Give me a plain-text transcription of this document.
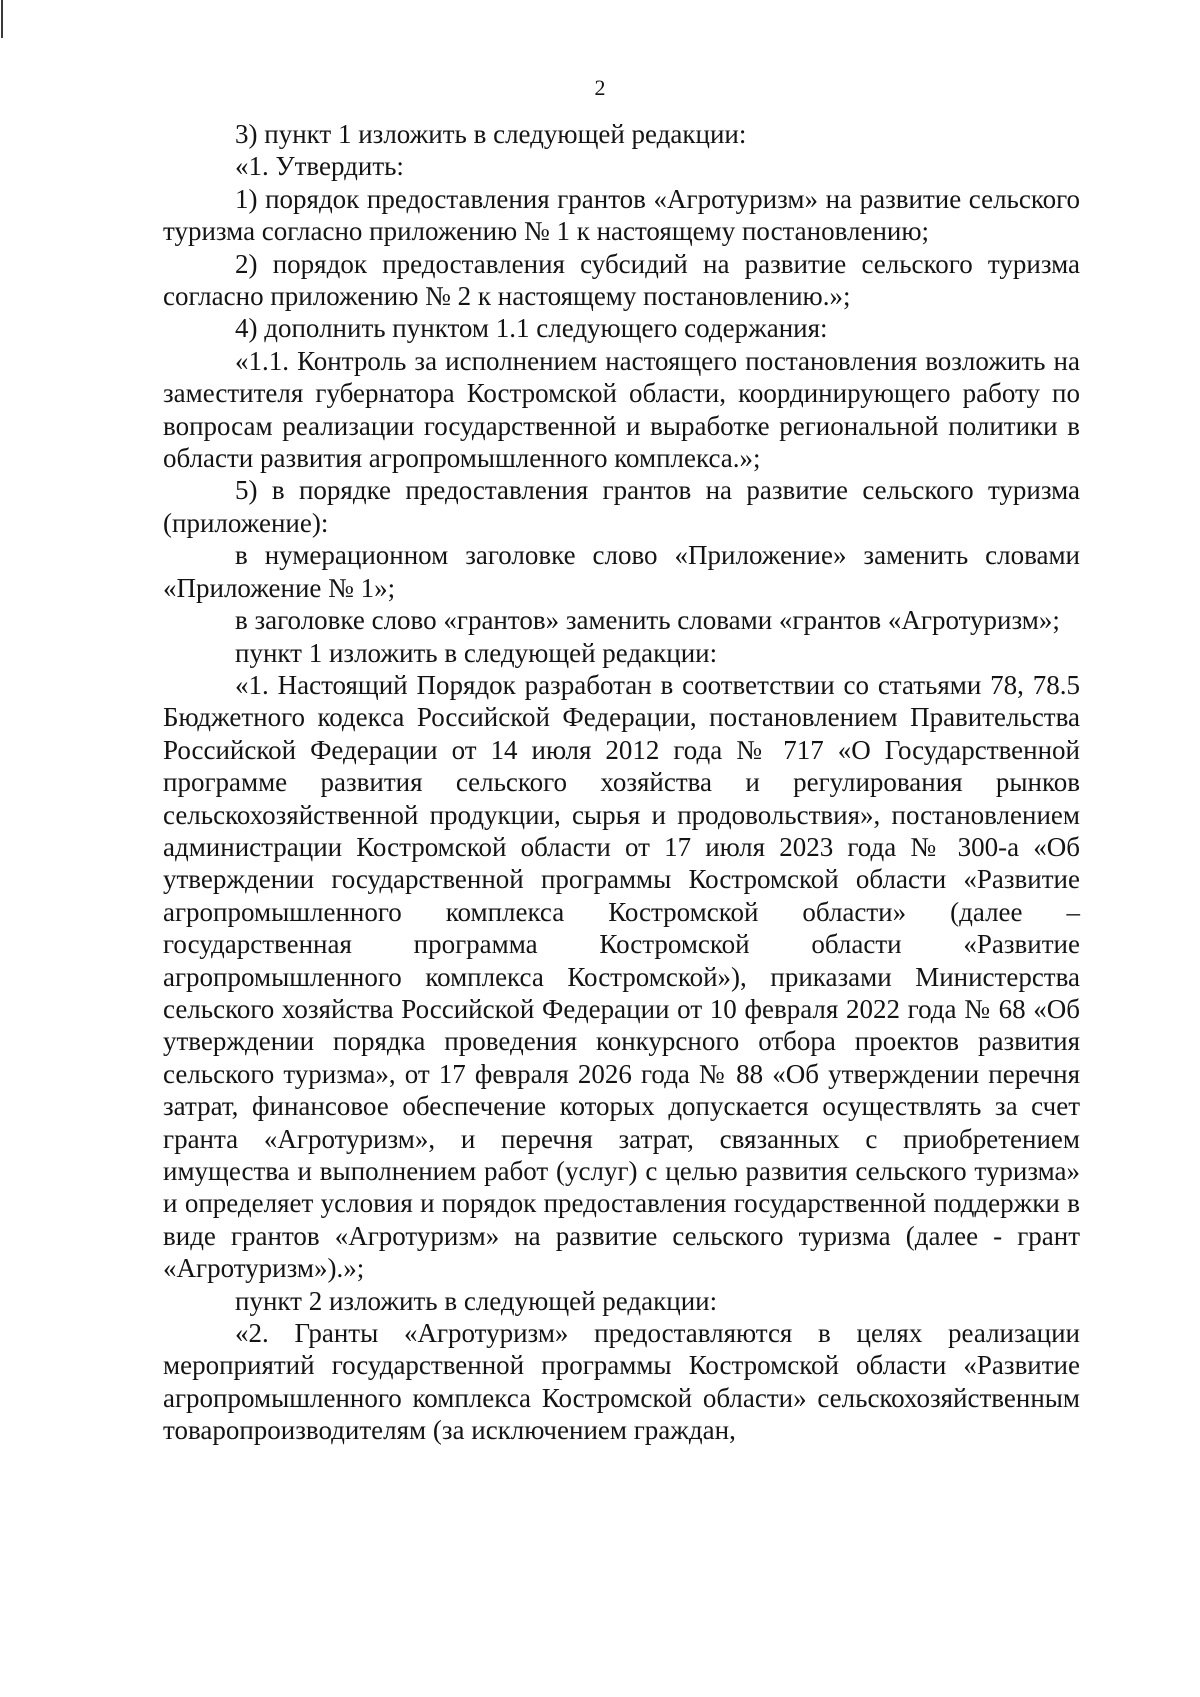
2

3) пункт 1 изложить в следующей редакции:

«1. Утвердить:

1) порядок предоставления грантов «Агротуризм» на развитие сельского туризма согласно приложению № 1 к настоящему постановлению;

2) порядок предоставления субсидий на развитие сельского туризма согласно приложению № 2 к настоящему постановлению.»;

4) дополнить пунктом 1.1 следующего содержания:

«1.1. Контроль за исполнением настоящего постановления возложить на заместителя губернатора Костромской области, координирующего работу по вопросам реализации государственной и выработке региональной политики в области развития агропромышленного комплекса.»;

5) в порядке предоставления грантов на развитие сельского туризма (приложение):

в нумерационном заголовке слово «Приложение» заменить словами «Приложение № 1»;

в заголовке слово «грантов» заменить словами «грантов «Агротуризм»;

пункт 1 изложить в следующей редакции:

«1. Настоящий Порядок разработан в соответствии со статьями 78, 78.5 Бюджетного кодекса Российской Федерации, постановлением Правительства Российской Федерации от 14 июля 2012 года № 717 «О Государственной программе развития сельского хозяйства и регулирования рынков сельскохозяйственной продукции, сырья и продовольствия», постановлением администрации Костромской области от 17 июля 2023 года № 300-а «Об утверждении государственной программы Костромской области «Развитие агропромышленного комплекса Костромской области» (далее – государственная программа Костромской области «Развитие агропромышленного комплекса Костромской»), приказами Министерства сельского хозяйства Российской Федерации от 10 февраля 2022 года № 68 «Об утверждении порядка проведения конкурсного отбора проектов развития сельского туризма», от 17 февраля 2026 года № 88 «Об утверждении перечня затрат, финансовое обеспечение которых допускается осуществлять за счет гранта «Агротуризм», и перечня затрат, связанных с приобретением имущества и выполнением работ (услуг) с целью развития сельского туризма» и определяет условия и порядок предоставления государственной поддержки в виде грантов «Агротуризм» на развитие сельского туризма (далее - грант «Агротуризм»).»;

пункт 2 изложить в следующей редакции:

«2. Гранты «Агротуризм» предоставляются в целях реализации мероприятий государственной программы Костромской области «Развитие агропромышленного комплекса Костромской области» сельскохозяйственным товаропроизводителям (за исключением граждан,
